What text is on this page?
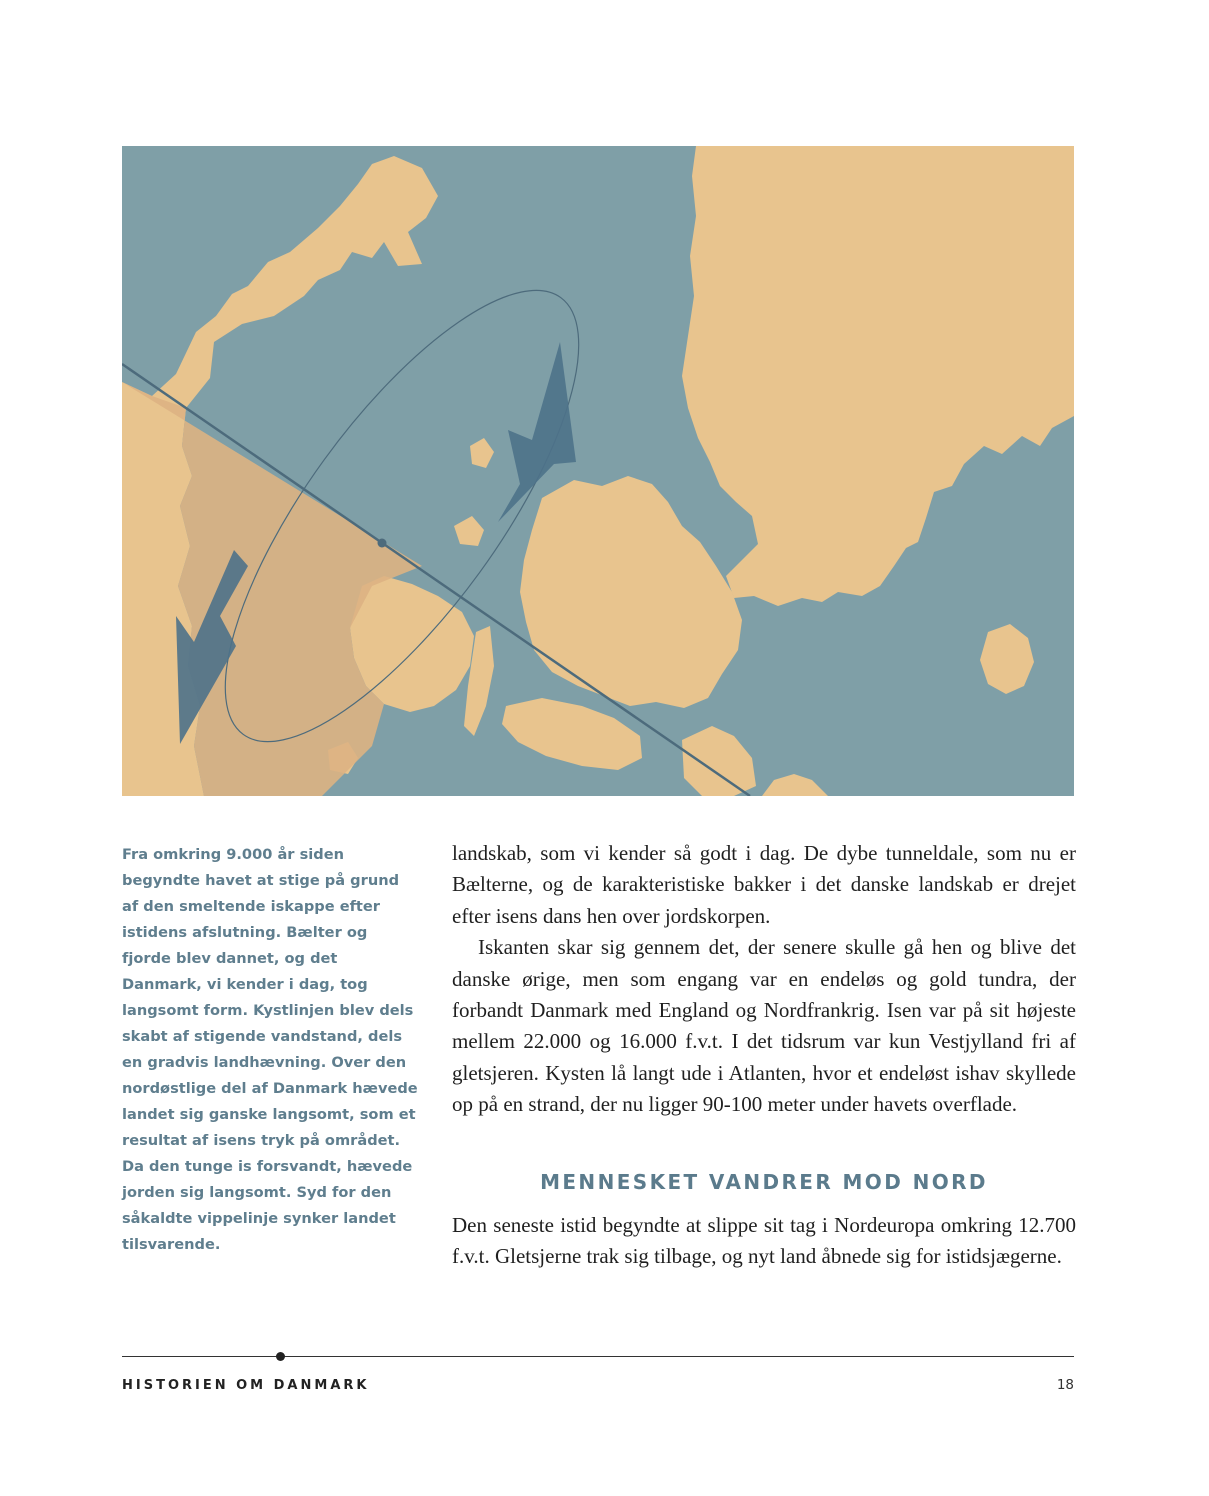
Fra omkring 9.000 år siden begyndte havet at stige på grund af den smeltende iskappe efter istidens afslutning. Bælter og fjorde blev dannet, og det Danmark, vi kender i dag, tog langsomt form. Kystlinjen blev dels skabt af stigende vandstand, dels en gradvis landhævning. Over den nordøstlige del af Danmark hævede landet sig ganske langsomt, som et resultat af isens tryk på området. Da den tunge is forsvandt, hævede jorden sig langsomt. Syd for den såkaldte vippelinje synker landet tilsvarende.

landskab, som vi kender så godt i dag. De dybe tunneldale, som nu er Bælterne, og de karakteristiske bakker i det danske landskab er drejet efter isens dans hen over jordskorpen.

Iskanten skar sig gennem det, der senere skulle gå hen og blive det danske ørige, men som engang var en endeløs og gold tundra, der forbandt Danmark med England og Nordfrankrig. Isen var på sit højeste mellem 22.000 og 16.000 f.v.t. I det tidsrum var kun Vestjylland fri af gletsjeren. Kysten lå langt ude i Atlanten, hvor et endeløst ishav skyllede op på en strand, der nu ligger 90-100 meter under havets overflade.

MENNESKET VANDRER MOD NORD

Den seneste istid begyndte at slippe sit tag i Nordeuropa omkring 12.700 f.v.t. Gletsjerne trak sig tilbage, og nyt land åbnede sig for istidsjægerne.

HISTORIEN OM DANMARK	18
